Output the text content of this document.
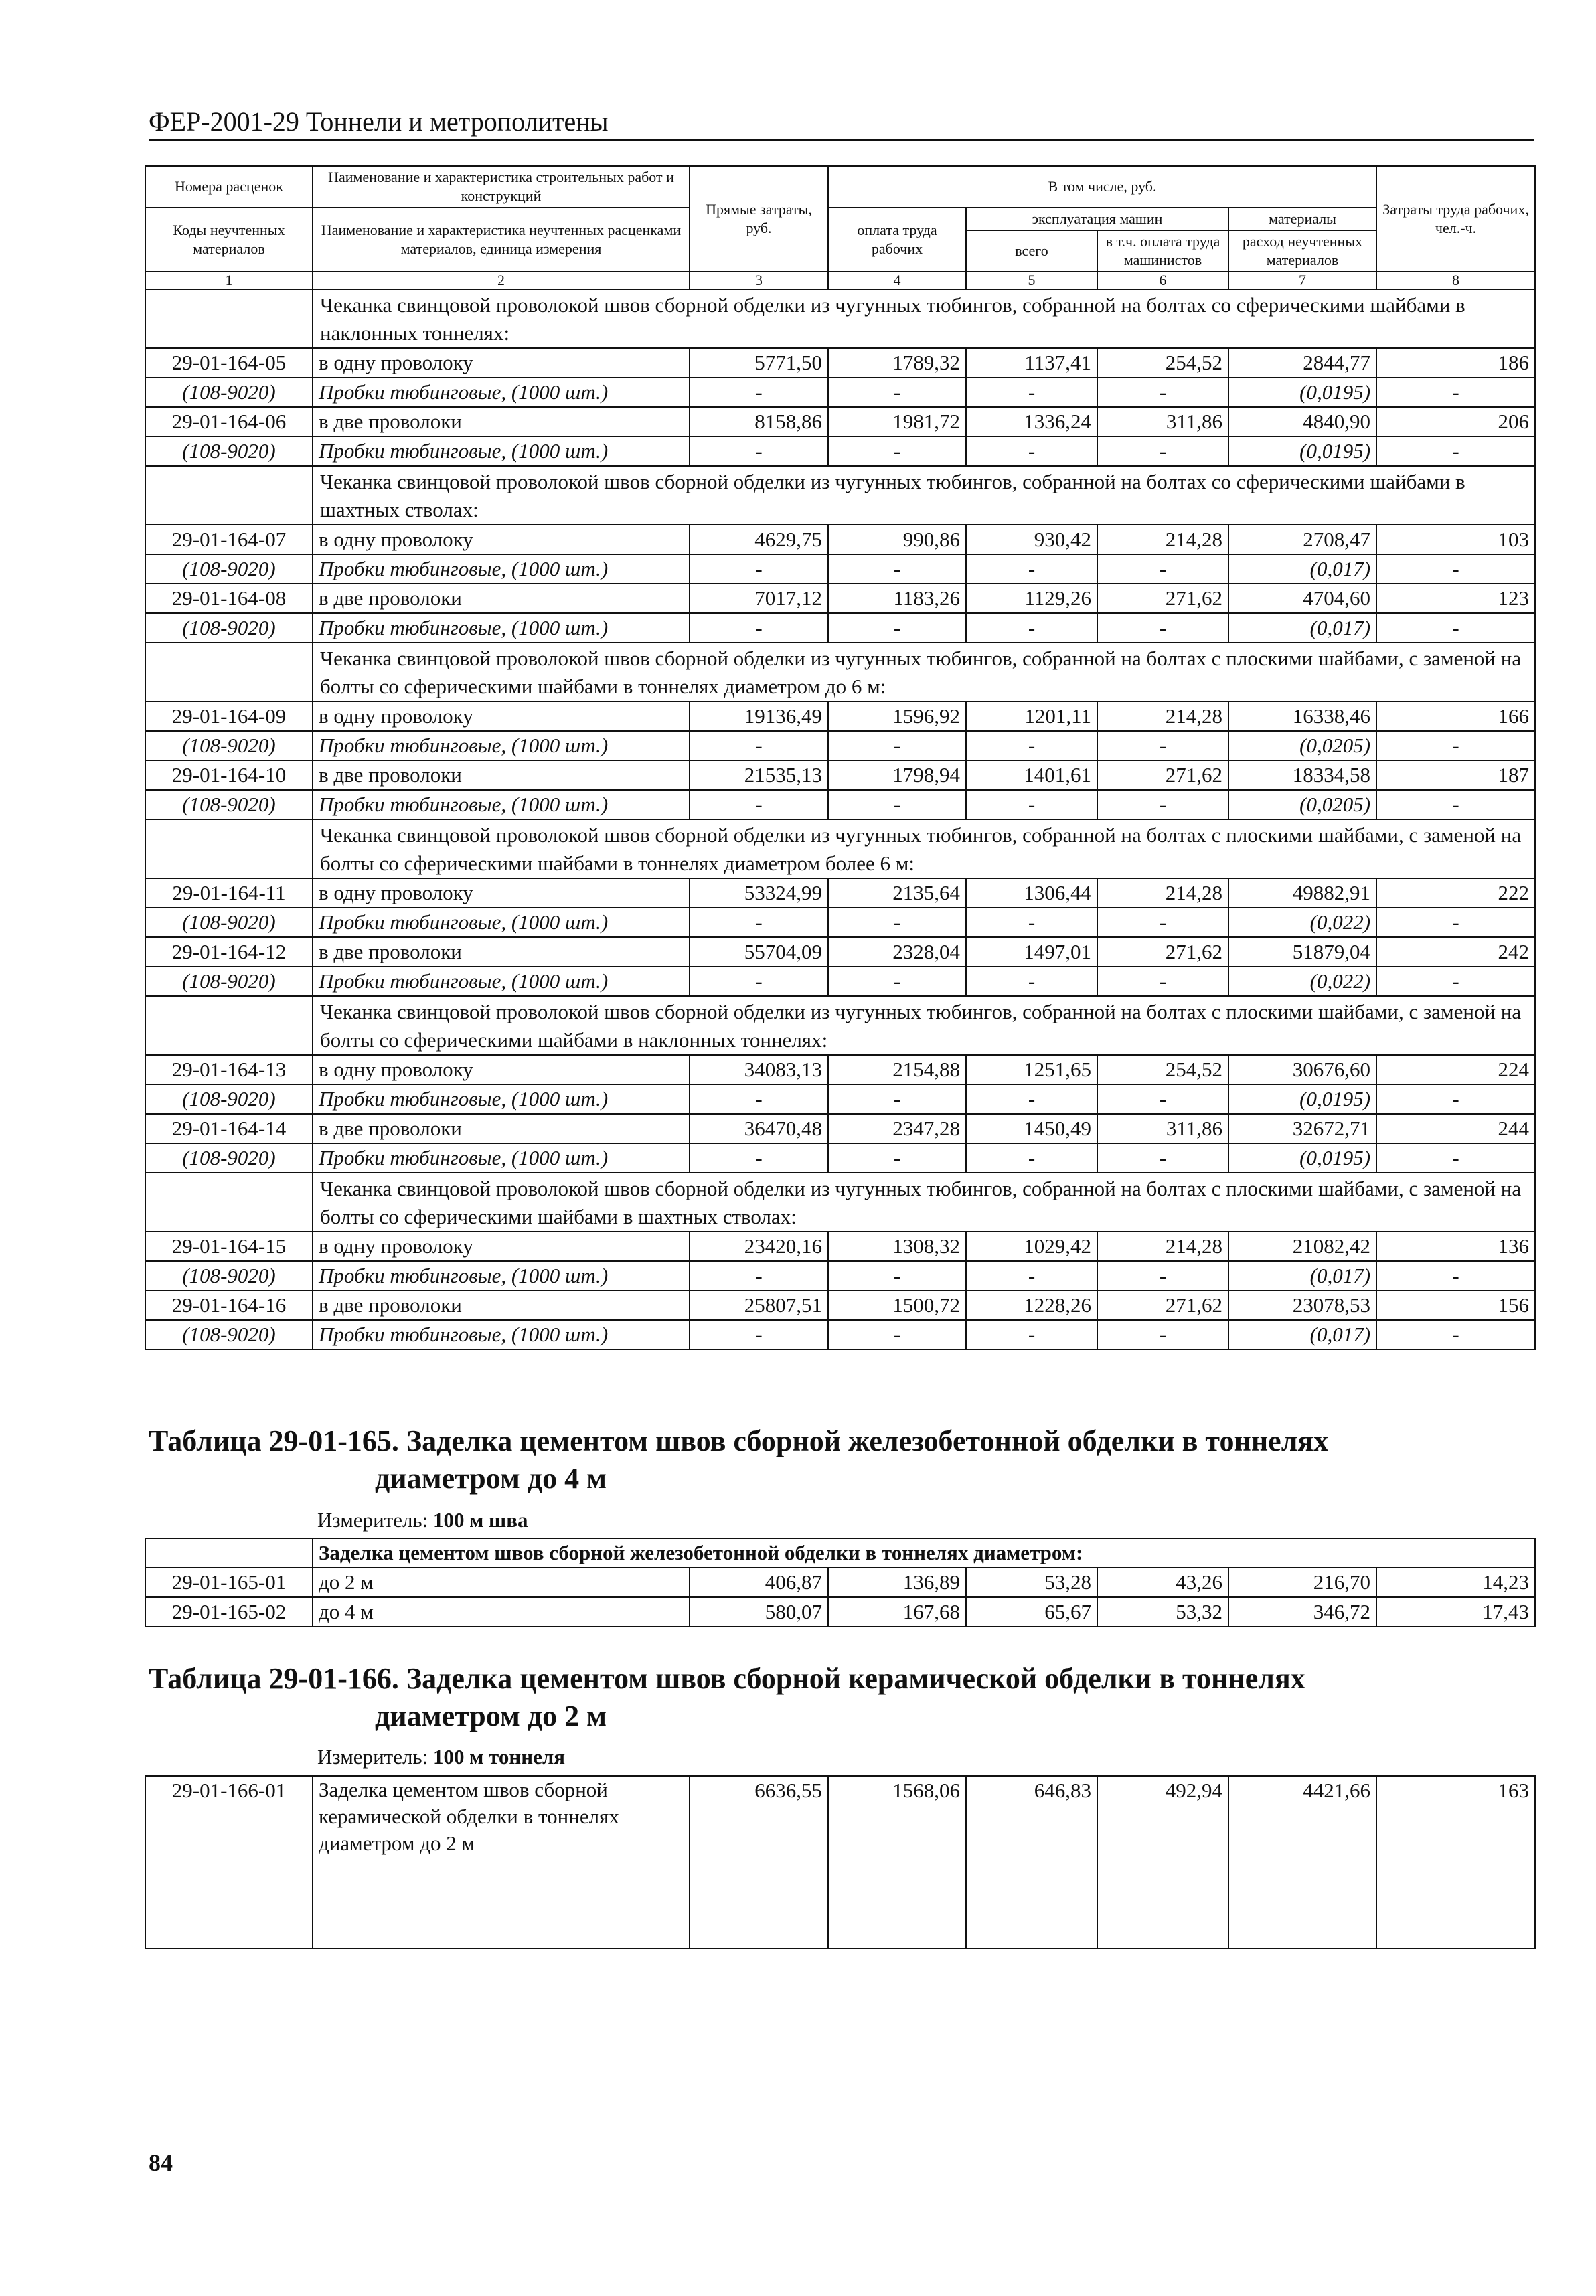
ФЕР-2001-29 Тоннели и метрополитены
Номера расценок	Наименование и характеристика строительных работ и конструкций	Прямые затраты, руб.	В том числе, руб.				Затраты труда рабочих, чел.-ч.
Коды неучтенных материалов	Наименование и характеристика неучтенных расценками материалов, единица измерения		оплата труда рабочих	эксплуатация машин		материалы	
				всего	в т.ч. оплата труда машинистов	расход неучтенных материалов	
1	2	3	4	5	6	7	8
	Чеканка свинцовой проволокой швов сборной обделки из чугунных тюбингов, собранной на болтах со сферическими шайбами в наклонных тоннелях:						
29-01-164-05	в одну проволоку	5771,50	1789,32	1137,41	254,52	2844,77	186
(108-9020)	Пробки тюбинговые, (1000 шт.)	-	-	-	-	(0,0195)	-
29-01-164-06	в две проволоки	8158,86	1981,72	1336,24	311,86	4840,90	206
(108-9020)	Пробки тюбинговые, (1000 шт.)	-	-	-	-	(0,0195)	-
	Чеканка свинцовой проволокой швов сборной обделки из чугунных тюбингов, собранной на болтах со сферическими шайбами в шахтных стволах:						
29-01-164-07	в одну проволоку	4629,75	990,86	930,42	214,28	2708,47	103
(108-9020)	Пробки тюбинговые, (1000 шт.)	-	-	-	-	(0,017)	-
29-01-164-08	в две проволоки	7017,12	1183,26	1129,26	271,62	4704,60	123
(108-9020)	Пробки тюбинговые, (1000 шт.)	-	-	-	-	(0,017)	-
	Чеканка свинцовой проволокой швов сборной обделки из чугунных тюбингов, собранной на болтах с плоскими шайбами, с заменой на болты со сферическими шайбами в тоннелях диаметром до 6 м:						
29-01-164-09	в одну проволоку	19136,49	1596,92	1201,11	214,28	16338,46	166
(108-9020)	Пробки тюбинговые, (1000 шт.)	-	-	-	-	(0,0205)	-
29-01-164-10	в две проволоки	21535,13	1798,94	1401,61	271,62	18334,58	187
(108-9020)	Пробки тюбинговые, (1000 шт.)	-	-	-	-	(0,0205)	-
	Чеканка свинцовой проволокой швов сборной обделки из чугунных тюбингов, собранной на болтах с плоскими шайбами, с заменой на болты со сферическими шайбами в тоннелях диаметром более 6 м:						
29-01-164-11	в одну проволоку	53324,99	2135,64	1306,44	214,28	49882,91	222
(108-9020)	Пробки тюбинговые, (1000 шт.)	-	-	-	-	(0,022)	-
29-01-164-12	в две проволоки	55704,09	2328,04	1497,01	271,62	51879,04	242
(108-9020)	Пробки тюбинговые, (1000 шт.)	-	-	-	-	(0,022)	-
	Чеканка свинцовой проволокой швов сборной обделки из чугунных тюбингов, собранной на болтах с плоскими шайбами, с заменой на болты со сферическими шайбами в наклонных тоннелях:						
29-01-164-13	в одну проволоку	34083,13	2154,88	1251,65	254,52	30676,60	224
(108-9020)	Пробки тюбинговые, (1000 шт.)	-	-	-	-	(0,0195)	-
29-01-164-14	в две проволоки	36470,48	2347,28	1450,49	311,86	32672,71	244
(108-9020)	Пробки тюбинговые, (1000 шт.)	-	-	-	-	(0,0195)	-
	Чеканка свинцовой проволокой швов сборной обделки из чугунных тюбингов, собранной на болтах с плоскими шайбами, с заменой на болты со сферическими шайбами в шахтных стволах:						
29-01-164-15	в одну проволоку	23420,16	1308,32	1029,42	214,28	21082,42	136
(108-9020)	Пробки тюбинговые, (1000 шт.)	-	-	-	-	(0,017)	-
29-01-164-16	в две проволоки	25807,51	1500,72	1228,26	271,62	23078,53	156
(108-9020)	Пробки тюбинговые, (1000 шт.)	-	-	-	-	(0,017)	-
Таблица 29-01-165. Заделка цементом швов сборной железобетонной обделки в тоннелях
диаметром до 4 м
Измеритель: 100 м шва
	Заделка цементом швов сборной железобетонной обделки в тоннелях диаметром:						
29-01-165-01	до 2 м	406,87	136,89	53,28	43,26	216,70	14,23
29-01-165-02	до 4 м	580,07	167,68	65,67	53,32	346,72	17,43
Таблица 29-01-166. Заделка цементом швов сборной керамической обделки в тоннелях
диаметром до 2 м
Измеритель: 100 м тоннеля
29-01-166-01	Заделка цементом швов сборной керамической обделки в тоннелях диаметром до 2 м	6636,55	1568,06	646,83	492,94	4421,66	163
84
